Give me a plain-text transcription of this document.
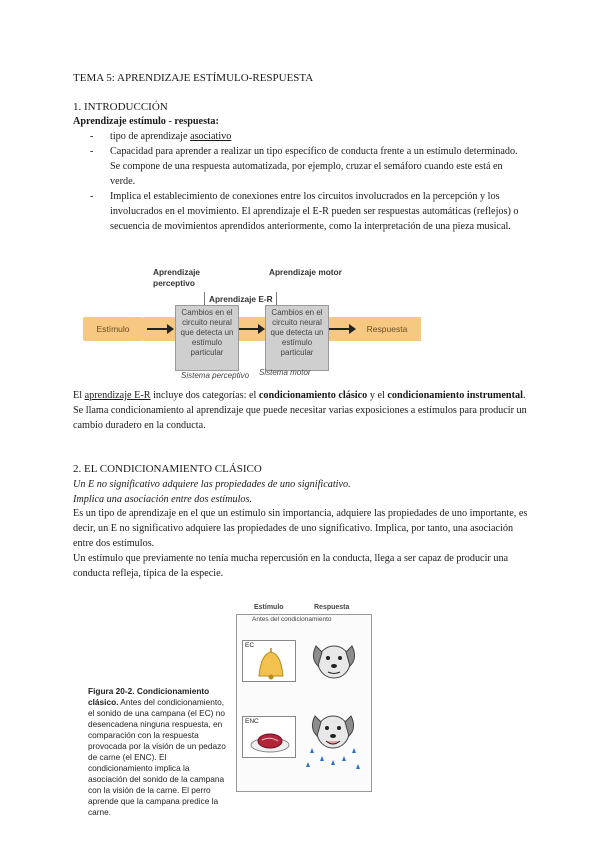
TEMA 5: APRENDIZAJE ESTÍMULO-RESPUESTA
1. INTRODUCCIÓN
Aprendizaje estímulo - respuesta:
- tipo de aprendizaje asociativo
- Capacidad para aprender a realizar un tipo específico de conducta frente a un estímulo determinado. Se compone de una respuesta automatizada, por ejemplo, cruzar el semáforo cuando este está en verde.
- Implica el establecimiento de conexiones entre los circuitos involucrados en la percepción y los involucrados en el movimiento. El aprendizaje el E-R pueden ser respuestas automáticas (reflejos) o secuencia de movimientos aprendidos anteriormente, como la interpretación de una pieza musical.
Aprendizaje perceptivo
Aprendizaje motor
Aprendizaje E-R
Estímulo
Cambios en el circuito neural que detecta un estímulo particular
Cambios en el circuito neural que detecta un estímulo particular
Respuesta
Sistema perceptivo Sistema motor
El aprendizaje E-R incluye dos categorías: el condicionamiento clásico y el condicionamiento instrumental. Se llama condicionamiento al aprendizaje que puede necesitar varias exposiciones a estímulos para producir un cambio duradero en la conducta.
2. EL CONDICIONAMIENTO CLÁSICO
Un E no significativo adquiere las propiedades de uno significativo.
Implica una asociación entre dos estímulos.
Es un tipo de aprendizaje en el que un estímulo sin importancia, adquiere las propiedades de uno importante, es decir, un E no significativo adquiere las propiedades de uno significativo. Implica, por tanto, una asociación entre dos estímulos.
Un estímulo que previamente no tenía mucha repercusión en la conducta, llega a ser capaz de producir una conducta refleja, típica de la especie.
Figura 20-2. Condicionamiento clásico. Antes del condicionamiento, el sonido de una campana (el EC) no desencadena ninguna respuesta, en comparación con la respuesta provocada por la visión de un pedazo de carne (el ENC). El condicionamiento implica la asociación del sonido de la campana con la visión de la carne. El perro aprende que la campana predice la carne.
Estímulo	Respuesta
Antes del condicionamiento
EC
ENC
